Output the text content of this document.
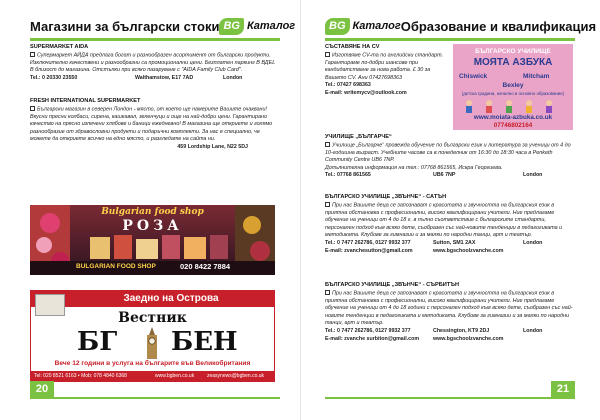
Магазини за български стоки BG Каталог
SUPERMARKET AIDA
Супермаркет АЙДА предлага богат и разнообразен асортимент от български продукти. Изключително качествени и разнообразни са промоционални цени. Безплатен паркинг В ВДЕL В близост до магазина. Отстъпки при всяко пазаруване с "AIDA Family Club Card".
Tel.: 0 20330 23550	Walthamstow, E17 7AD	London
FRESH INTERNATIONAL SUPERMARKET
Български магазин в северен Лондон - място, от което ще намерите Вашите очаквани! Вкусни пресни колбаси, сирена, кашкавал, зеленчуци и още на най-добри цени. Гарантирано качество на прясно изпечени хлябове и баници ежедневно! В магазина ще откриете и голямо разнообразие от здравословни продукти и подаръчни комплекти. За нас е специално, че можете да откриете всичко на едно място, и разгледате на сайта ни.
459 Lordship Lane, N22 5DJ
Bulgarian food shop
РОЗА
BULGARIAN FOOD SHOP	020 8422 7884
Заедно на Острова
Вестник
БГ БЕН
Вече 12 години в услуга на българите във Великобритания
Tel: 020 8521 6163 • Mob: 078 4840 6368	www.bgben.co.uk	zeasynews@bgben.co.uk
20
BG Каталог Образование и квалификация
СЪСТАВЯНЕ НА CV
Изготвяме CV-та по английски стандарт. Гарантираме по-добри шансове при кандидатстване за нова работа. £ 30 за Вашето CV. Ани 07427698363
Tel.: 07427 698363
E-mail: writemycv@outlook.com
БЪЛГАРСКО УЧИЛИЩЕ
МОЯТА АЗБУКА
Chiswick	Mitcham
Bexley
(детска градина, начално и основно образование)
www.moiata-azbuka.co.uk
07746802164
УЧИЛИЩЕ „БЪЛГАРЧЕ“
Училище „Българче“ провежда обучение по български език и литература за ученици от 4 до 10-годишна възраст. Учебните часове са в понеделник от 16:30 до 18:30 часа в Penketh Community Centre UB6 7NP.
Допълнителна информация на тел.: 07768 861565, Искра Георгиева.
Tel.: 07768 861565	UB6 7NP	London
БЪЛГАРСКО УЧИЛИЩЕ „ЗВЪНЧЕ“ - САТЪН
При нас Вашите деца се запознават с красотата и звучността на българския език в приятна обстановка с професионални, високо квалифицирани учители. Ние предлагаме обучение на ученици от 4 до 18 г. в пълно съответствие с българските стандарти, персонален подход към всяко дете, съобразен със най-новите тенденции в педагогиката и методиката. Клубове за гимназии и за малки по народни танци, арт и театър.
Tel.: 0 7477 262786, 0127 9932 377	Sutton, SM1 2AX	London
E-mail: zvanchesutton@gmail.com	www.bgschoolzvanche.com
БЪЛГАРСКО УЧИЛИЩЕ „ЗВЪНЧЕ“ - СЪРБИТЪН
При нас Вашите деца се запознават с красотата и звучността на българския език в приятна обстановка с професионални, високо квалифицирани учители. Ние предлагаме обучение на ученици от 4 до 18 години с персонален подход към всяко дете, съобразен със най-новите тенденции в педагогиката и методиката. Клубове за гимназии и за малки по народни танци, арт и театър.
Tel.: 0 7477 262786, 0127 9932 377	Chessington, KT9 2DJ	London
E-mail: zvanche surbiton@gmail.com	www.bgschoolzvanche.com
21
